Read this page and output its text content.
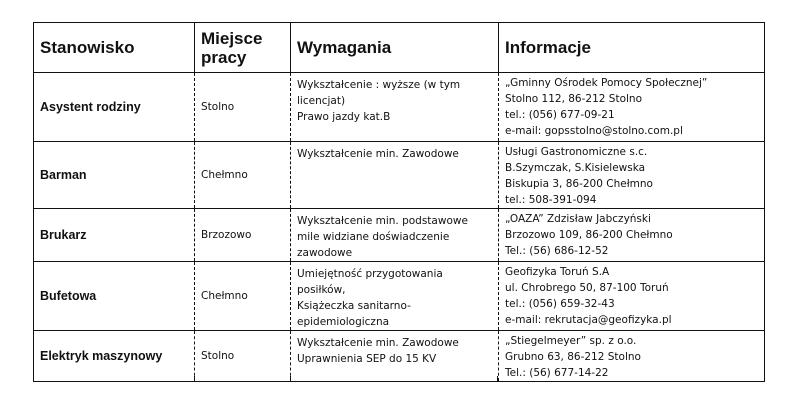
Stanowisko	Miejsce pracy	Wymagania	Informacje
Asystent rodziny	Stolno	Wykształcenie : wyższe (w tym
licencjat)
Prawo jazdy kat.B	„Gminny Ośrodek Pomocy Społecznej”
Stolno 112, 86-212 Stolno
tel.: (056) 677-09-21
e-mail: gopsstolno@stolno.com.pl

Barman	Chełmno	Wykształcenie min. Zawodowe	Usługi Gastronomiczne s.c.
B.Szymczak, S.Kisielewska
Biskupia 3, 86-200 Chełmno
tel.: 508-391-094

Brukarz	Brzozowo	Wykształcenie min. podstawowe
mile widziane doświadczenie
zawodowe	„OAZA” Zdzisław Jabczyński
Brzozowo 109, 86-200 Chełmno
Tel.: (56) 686-12-52

Bufetowa	Chełmno	Umiejętność przygotowania
posiłków,
Książeczka sanitarno-
epidemiologiczna	Geofizyka Toruń S.A
ul. Chrobrego 50, 87-100 Toruń
tel.: (056) 659-32-43
e-mail: rekrutacja@geofizyka.pl

Elektryk maszynowy	Stolno	Wykształcenie min. Zawodowe
Uprawnienia SEP do 15 KV	„Stiegelmeyer” sp. z o.o.
Grubno 63, 86-212 Stolno
Tel.: (56) 677-14-22
